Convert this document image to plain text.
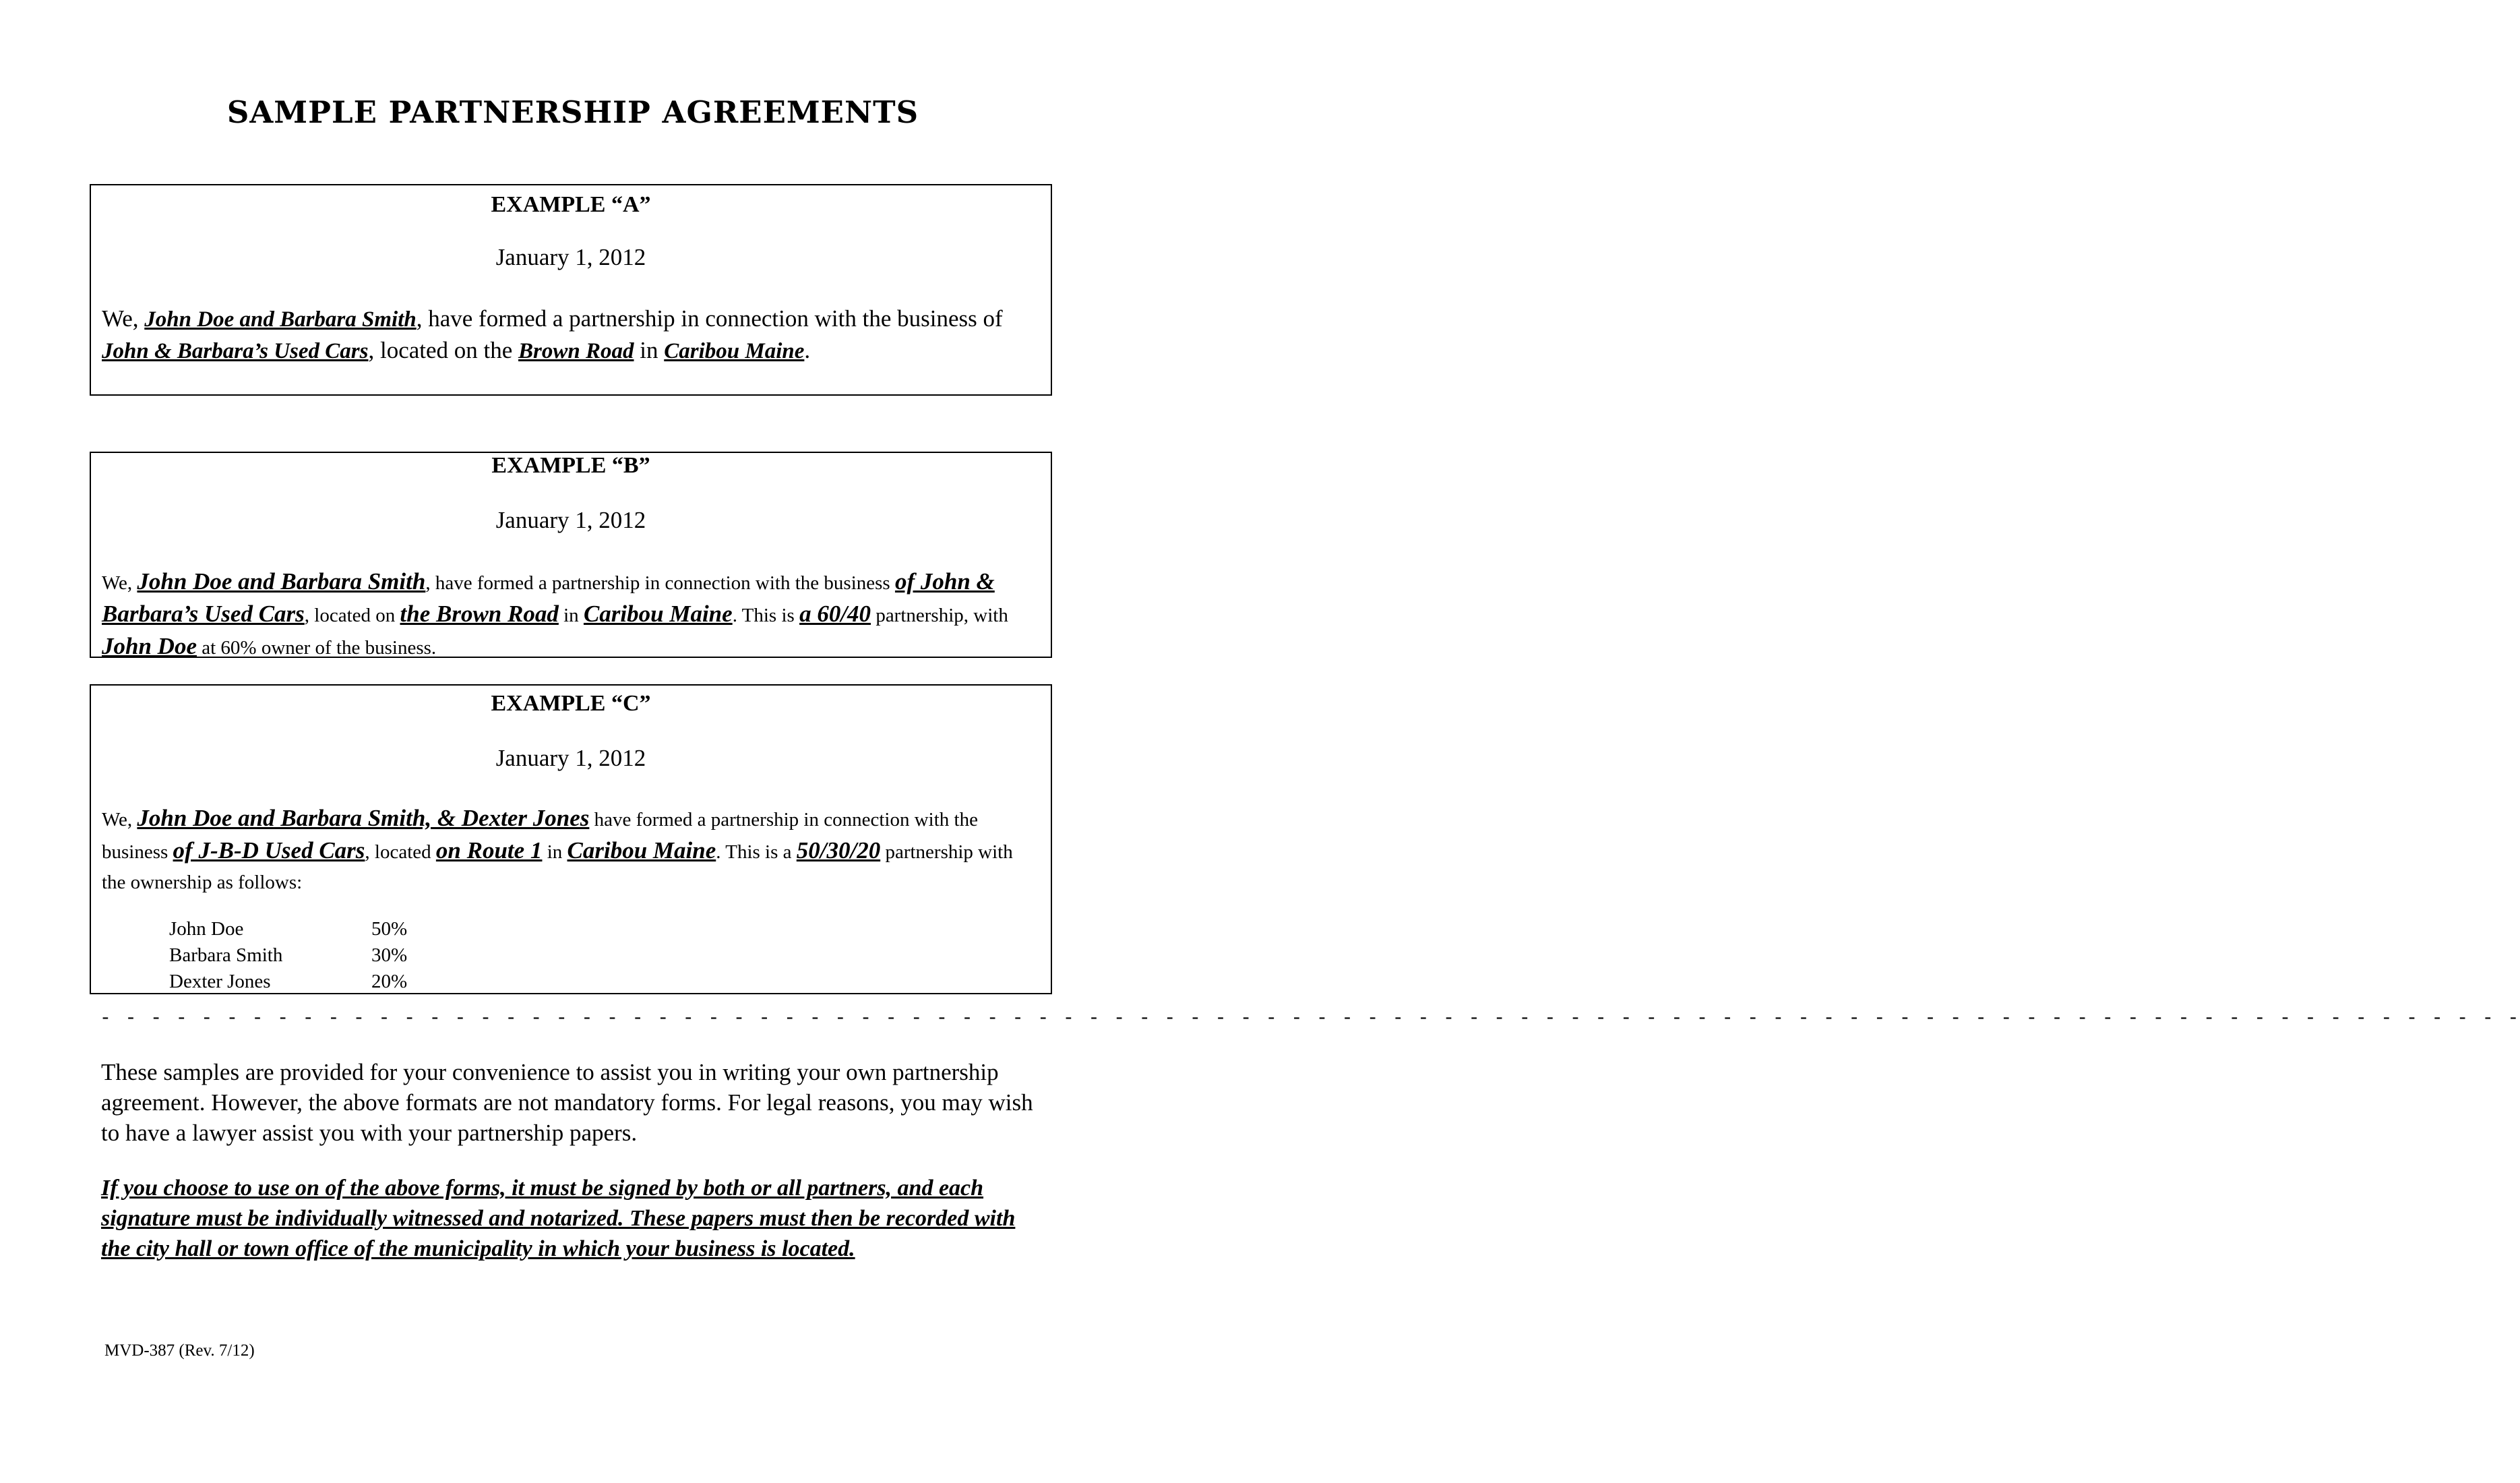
SAMPLE PARTNERSHIP AGREEMENTS

EXAMPLE “A”

January 1, 2012

We, John Doe and Barbara Smith, have formed a partnership in connection with the business of John & Barbara’s Used Cars, located on the Brown Road in Caribou Maine.

EXAMPLE “B”

January 1, 2012

We, John Doe and Barbara Smith, have formed a partnership in connection with the business of John & Barbara’s Used Cars, located on the Brown Road in Caribou Maine. This is a 60/40 partnership, with John Doe at 60% owner of the business.

EXAMPLE “C”

January 1, 2012

We, John Doe and Barbara Smith, & Dexter Jones have formed a partnership in connection with the business of J-B-D Used Cars, located on Route 1 in Caribou Maine. This is a 50/30/20 partnership with the ownership as follows:

John Doe	50%
Barbara Smith	30%
Dexter Jones	20%
- - - - - - - - - - - - - - - - - - - - - - - - - - - - - - - - - - - - - - - - - - - - - - - - - - - - - - - - - - - - - - - - - - - - - - - - - - - - - - - - - - - - - - - - - - - - - - - -

These samples are provided for your convenience to assist you in writing your own partnership agreement. However, the above formats are not mandatory forms. For legal reasons, you may wish to have a lawyer assist you with your partnership papers.

If you choose to use on of the above forms, it must be signed by both or all partners, and each signature must be individually witnessed and notarized. These papers must then be recorded with the city hall or town office of the municipality in which your business is located.

MVD-387 (Rev. 7/12)
